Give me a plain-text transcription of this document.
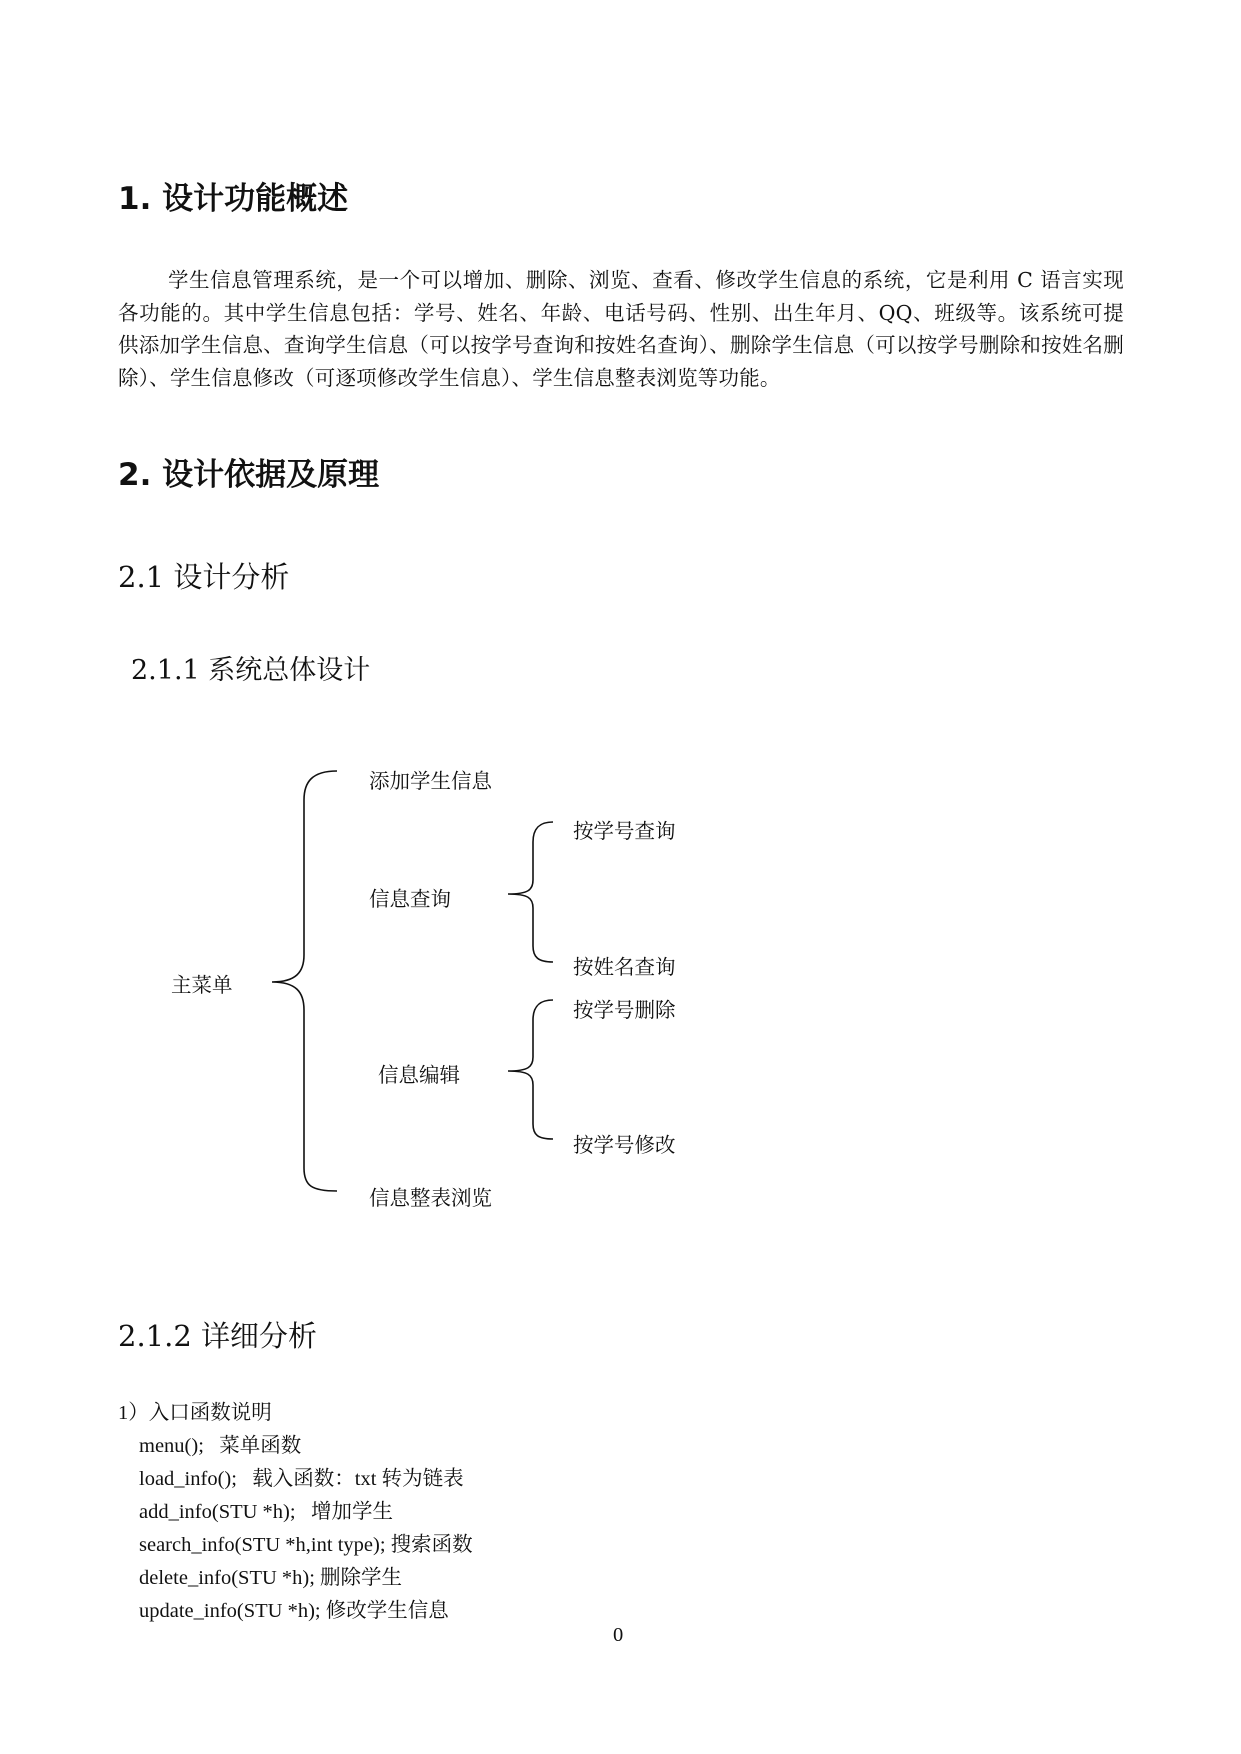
1. 设计功能概述
学生信息管理系统，是一个可以增加、删除、浏览、查看、修改学生信息的系统，它是利用 C 语言实现各功能的。其中学生信息包括：学号、姓名、年龄、电话号码、性别、出生年月、QQ、班级等。该系统可提供添加学生信息、查询学生信息（可以按学号查询和按姓名查询）、删除学生信息（可以按学号删除和按姓名删除）、学生信息修改（可逐项修改学生信息）、学生信息整表浏览等功能。
2. 设计依据及原理
2.1 设计分析
2.1.1 系统总体设计
主菜单
添加学生信息
信息查询
按学号查询
按姓名查询
信息编辑
按学号删除
按学号修改
信息整表浏览
2.1.2 详细分析
1）入口函数说明
menu(); 菜单函数
load_info(); 载入函数：txt 转为链表
add_info(STU *h); 增加学生
search_info(STU *h,int type); 搜索函数
delete_info(STU *h); 删除学生
update_info(STU *h); 修改学生信息
0
